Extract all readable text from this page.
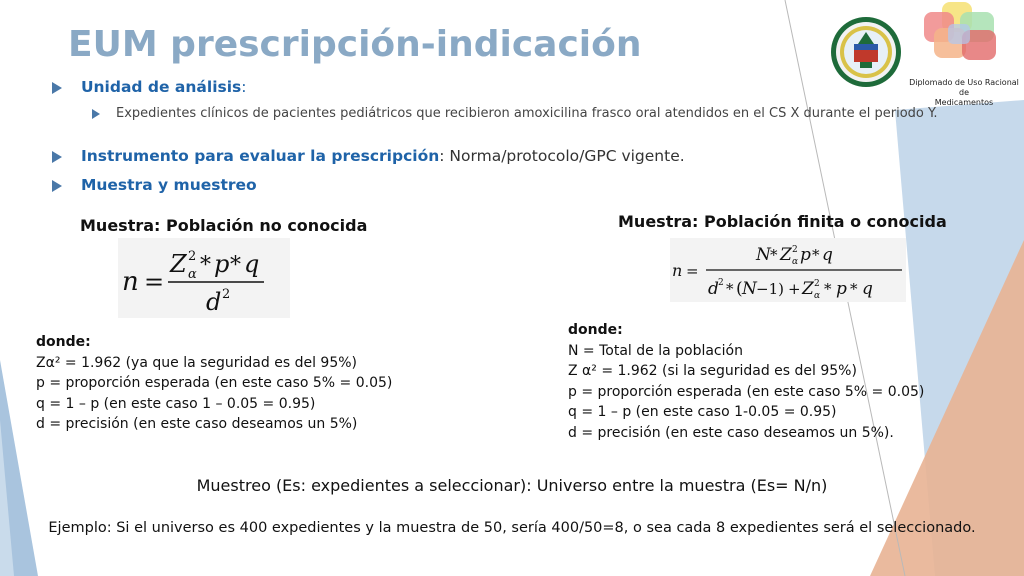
EUM prescripción-indicación
Diplomado de Uso Racional de
Medicamentos
Unidad de análisis:
Expedientes clínicos de pacientes pediátricos que recibieron amoxicilina frasco oral atendidos en el CS X durante el periodo Y.
Instrumento para evaluar la prescripción: Norma/protocolo/GPC vigente.
Muestra y muestreo
Muestra: Población no conocida
n =
Z 2
α * p * q
d 2
Muestra: Población finita o conocida
n =
N * Z 2
α p * q
d 2 * ( N −1) + Z 2
α * p * q
donde:
Zα² = 1.962 (ya que la seguridad es del 95%)
p = proporción esperada (en este caso 5% = 0.05)
q = 1 – p (en este caso 1 – 0.05 = 0.95)
d = precisión (en este caso deseamos un 5%)
donde:
N = Total de la población
Z α² = 1.962 (si la seguridad es del 95%)
p = proporción esperada (en este caso 5% = 0.05)
q = 1 – p (en este caso 1-0.05 = 0.95)
d = precisión (en este caso deseamos un 5%).
Muestreo (Es: expedientes a seleccionar): Universo entre la muestra (Es= N/n)
Ejemplo: Si el universo es 400 expedientes y la muestra de 50, sería 400/50=8, o sea cada 8 expedientes será el seleccionado.
